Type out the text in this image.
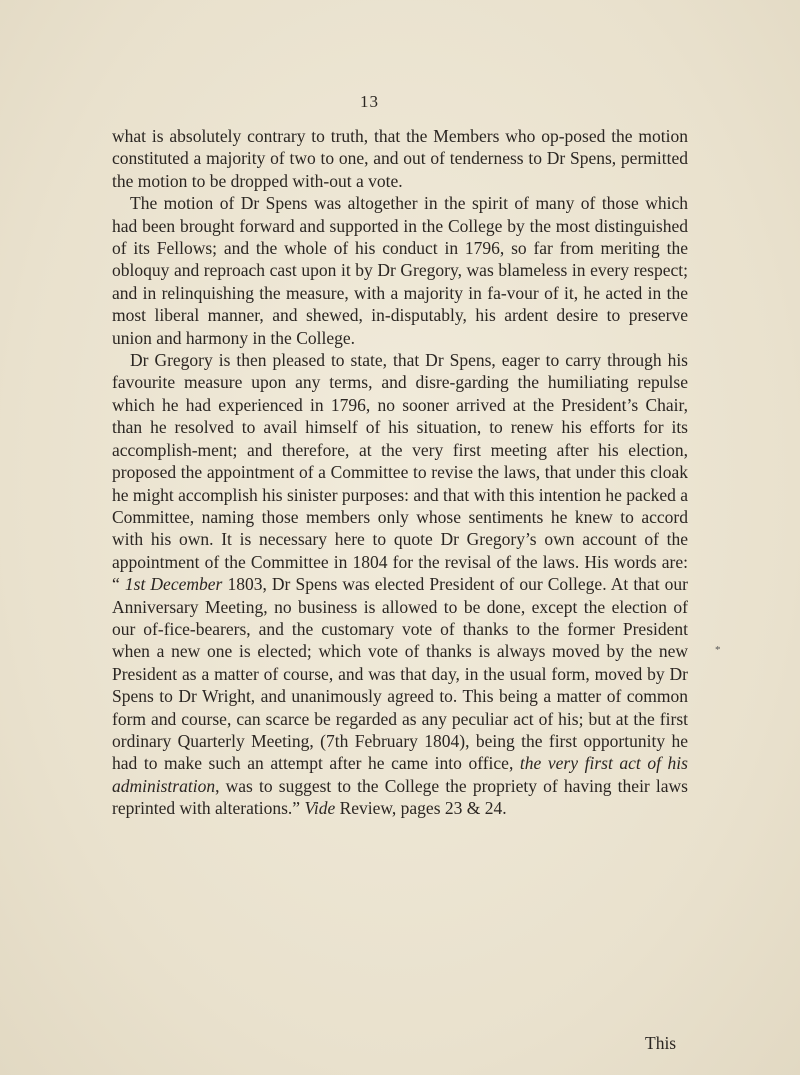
13

what is absolutely contrary to truth, that the Members who op-posed the motion constituted a majority of two to one, and out of tenderness to Dr Spens, permitted the motion to be dropped with-out a vote.

The motion of Dr Spens was altogether in the spirit of many of those which had been brought forward and supported in the College by the most distinguished of its Fellows; and the whole of his conduct in 1796, so far from meriting the obloquy and reproach cast upon it by Dr Gregory, was blameless in every respect; and in relinquishing the measure, with a majority in fa-vour of it, he acted in the most liberal manner, and shewed, in-disputably, his ardent desire to preserve union and harmony in the College.

Dr Gregory is then pleased to state, that Dr Spens, eager to carry through his favourite measure upon any terms, and disre-garding the humiliating repulse which he had experienced in 1796, no sooner arrived at the President’s Chair, than he resolved to avail himself of his situation, to renew his efforts for its accomplish-ment; and therefore, at the very first meeting after his election, proposed the appointment of a Committee to revise the laws, that under this cloak he might accomplish his sinister purposes: and that with this intention he packed a Committee, naming those members only whose sentiments he knew to accord with his own. It is necessary here to quote Dr Gregory’s own account of the appointment of the Committee in 1804 for the revisal of the laws. His words are: “ 1st December 1803, Dr Spens was elected President of our College. At that our Anniversary Meeting, no business is allowed to be done, except the election of our of-fice-bearers, and the customary vote of thanks to the former President when a new one is elected; which vote of thanks is always moved by the new President as a matter of course, and was that day, in the usual form, moved by Dr Spens to Dr Wright, and unanimously agreed to. This being a matter of common form and course, can scarce be regarded as any peculiar act of his; but at the first ordinary Quarterly Meeting, (7th February 1804), being the first opportunity he had to make such an attempt after he came into office, the very first act of his administration, was to suggest to the College the propriety of having their laws reprinted with alterations.” Vide Review, pages 23 & 24.

This
*
